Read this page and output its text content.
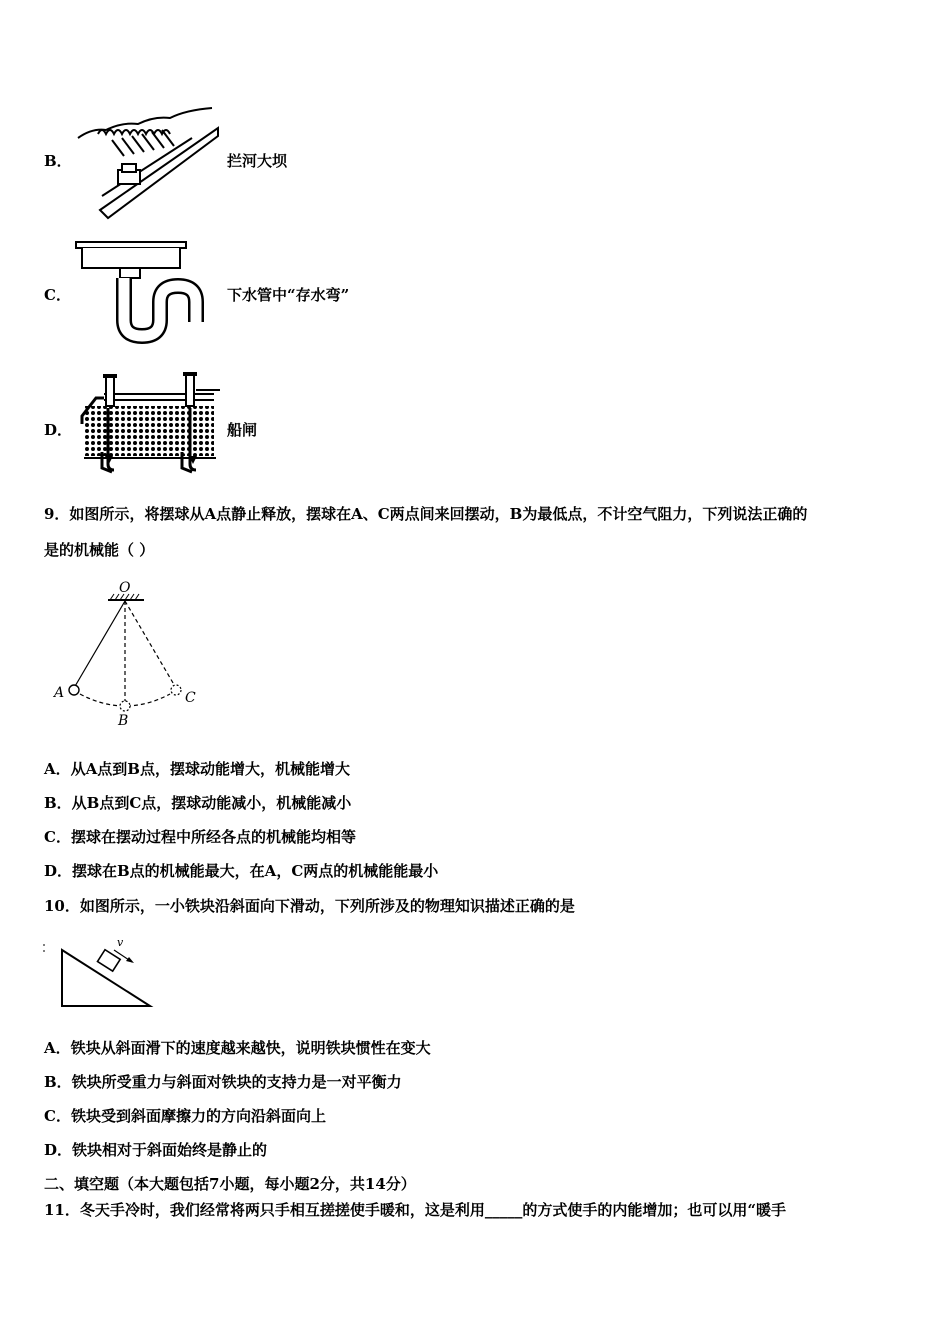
B．	拦河大坝
C．	下水管中“存水弯”
D．	船闸
9．如图所示，将摆球从A点静止释放，摆球在A、C两点间来回摆动，B为最低点，不计空气阻力，下列说法正确的
是的机械能（ ）
O
A
B
C
A．从A点到B点，摆球动能增大，机械能增大
B．从B点到C点，摆球动能减小，机械能减小
C．摆球在摆动过程中所经各点的机械能均相等
D．摆球在B点的机械能最大，在A，C两点的机械能能最小
10．如图所示，一小铁块沿斜面向下滑动，下列所涉及的物理知识描述正确的是
v
A．铁块从斜面滑下的速度越来越快，说明铁块惯性在变大
B．铁块所受重力与斜面对铁块的支持力是一对平衡力
C．铁块受到斜面摩擦力的方向沿斜面向上
D．铁块相对于斜面始终是静止的
二、填空题（本大题包括7小题，每小题2分，共14分）
11．冬天手冷时，我们经常将两只手相互搓搓使手暖和，这是利用_____的方式使手的内能增加；也可以用“暖手
